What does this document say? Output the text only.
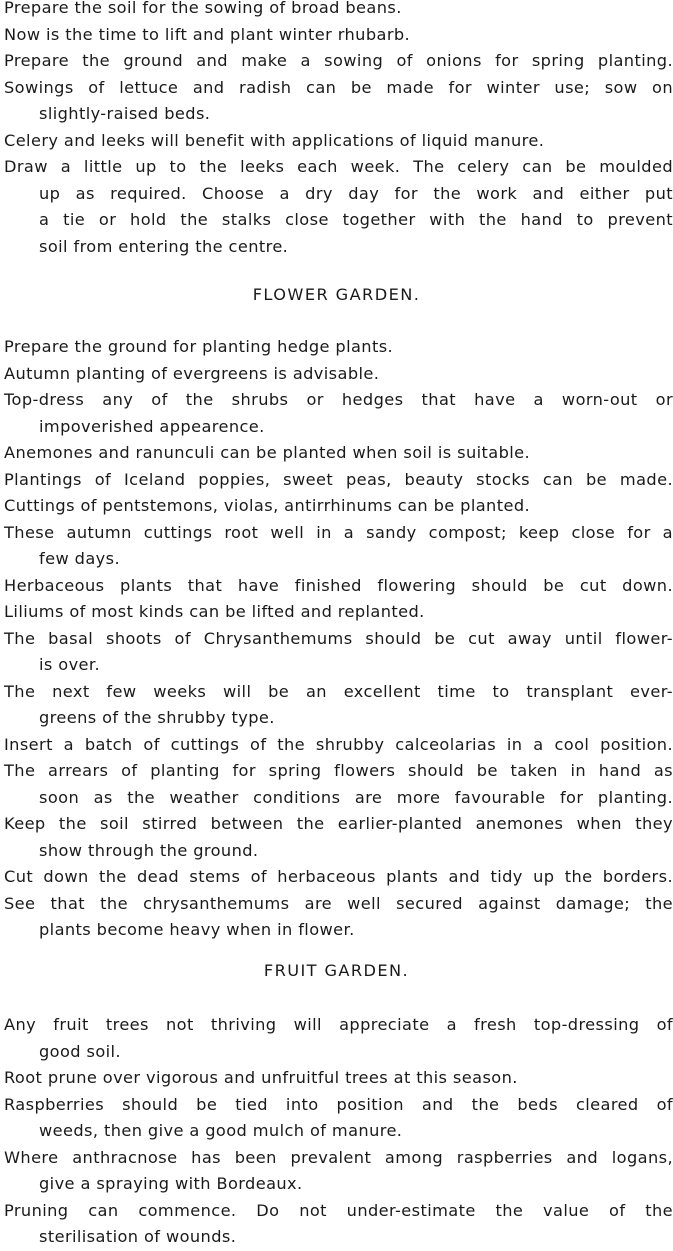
Prepare the soil for the sowing of broad beans.
Now is the time to lift and plant winter rhubarb.
Prepare the ground and make a sowing of onions for spring planting.
Sowings of lettuce and radish can be made for winter use; sow on
slightly-raised beds.
Celery and leeks will benefit with applications of liquid manure.
Draw a little up to the leeks each week. The celery can be moulded
up as required. Choose a dry day for the work and either put
a tie or hold the stalks close together with the hand to prevent
soil from entering the centre.
FLOWER GARDEN.
Prepare the ground for planting hedge plants.
Autumn planting of evergreens is advisable.
Top-dress any of the shrubs or hedges that have a worn-out or
impoverished appearence.
Anemones and ranunculi can be planted when soil is suitable.
Plantings of Iceland poppies, sweet peas, beauty stocks can be made.
Cuttings of pentstemons, violas, antirrhinums can be planted.
These autumn cuttings root well in a sandy compost; keep close for a
few days.
Herbaceous plants that have finished flowering should be cut down.
Liliums of most kinds can be lifted and replanted.
The basal shoots of Chrysanthemums should be cut away until flower-
is over.
The next few weeks will be an excellent time to transplant ever-
greens of the shrubby type.
Insert a batch of cuttings of the shrubby calceolarias in a cool position.
The arrears of planting for spring flowers should be taken in hand as
soon as the weather conditions are more favourable for planting.
Keep the soil stirred between the earlier-planted anemones when they
show through the ground.
Cut down the dead stems of herbaceous plants and tidy up the borders.
See that the chrysanthemums are well secured against damage; the
plants become heavy when in flower.
FRUIT GARDEN.
Any fruit trees not thriving will appreciate a fresh top-dressing of
good soil.
Root prune over vigorous and unfruitful trees at this season.
Raspberries should be tied into position and the beds cleared of
weeds, then give a good mulch of manure.
Where anthracnose has been prevalent among raspberries and logans,
give a spraying with Bordeaux.
Pruning can commence. Do not under-estimate the value of the
sterilisation of wounds.
